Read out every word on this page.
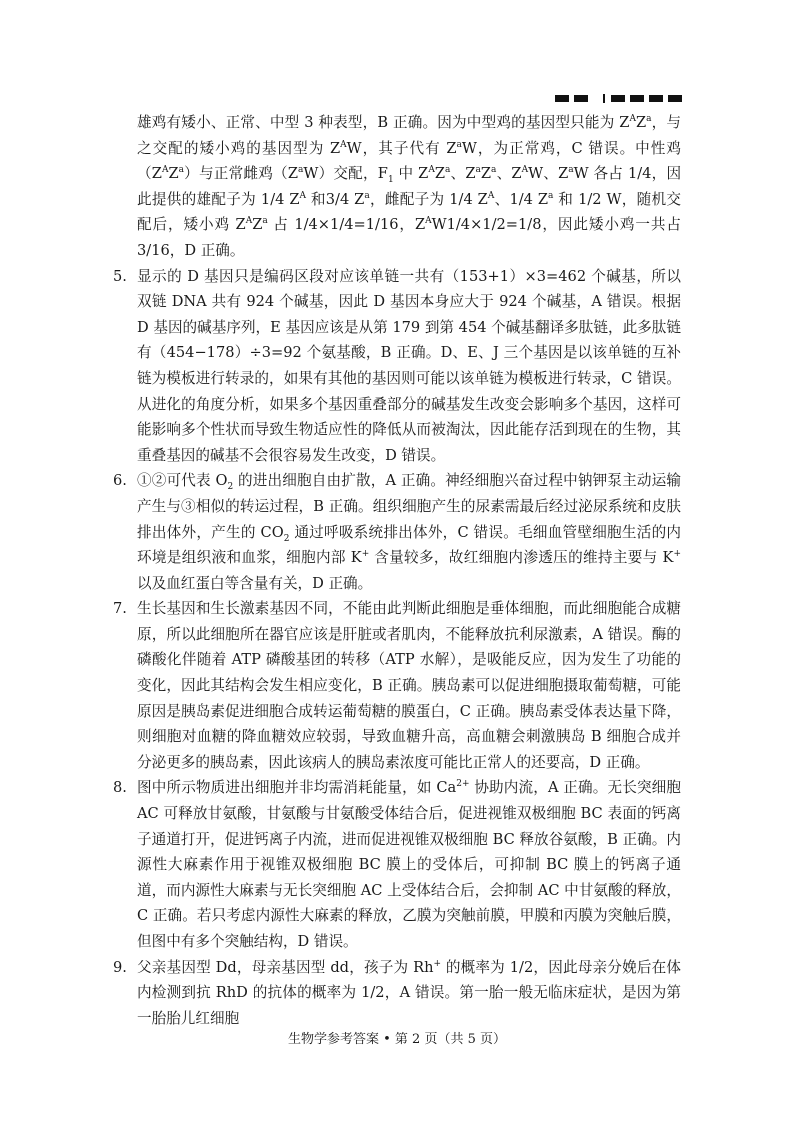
雄鸡有矮小、正常、中型 3 种表型，B 正确。因为中型鸡的基因型只能为 $Z^AZ^a$，与之交配的矮小鸡的基因型为 $Z^AW$，其子代有 $Z^aW$，为正常鸡，C 错误。中性鸡$(Z^AZ^a)$与正常雌鸡$(Z^aW)$交配，$F_1$ 中 $Z^AZ^a$、$Z^aZ^a$、$Z^AW$、$Z^aW$ 各占 1/4，因此提供的雄配子为 1/4 $Z^A$ 和3/4 $Z^a$，雌配子为 1/4 $Z^A$、1/4 $Z^a$ 和 1/2 W，随机交配后，矮小鸡 $Z^AZ^a$ 占 1/4×1/4=1/16，$Z^AW1/4\times 1/2=1/8$，因此矮小鸡一共占 3/16，D 正确。

5. 显示的 D 基因只是编码区段对应该单链一共有（153+1）×3=462 个碱基，所以双链 DNA 共有 924 个碱基，因此 D 基因本身应大于 924 个碱基，A 错误。根据 D 基因的碱基序列，E 基因应该是从第 179 到第 454 个碱基翻译多肽链，此多肽链有（454−178）÷3=92 个氨基酸，B 正确。D、E、J 三个基因是以该单链的互补链为模板进行转录的，如果有其他的基因则可能以该单链为模板进行转录，C 错误。从进化的角度分析，如果多个基因重叠部分的碱基发生改变会影响多个基因，这样可能影响多个性状而导致生物适应性的降低从而被淘汰，因此能存活到现在的生物，其重叠基因的碱基不会很容易发生改变，D 错误。

6. ①②可代表 $O_2$ 的进出细胞自由扩散，A 正确。神经细胞兴奋过程中钠钾泵主动运输产生与③相似的转运过程，B 正确。组织细胞产生的尿素需最后经过泌尿系统和皮肤排出体外，产生的 $CO_2$ 通过呼吸系统排出体外，C 错误。毛细血管壁细胞生活的内环境是组织液和血浆，细胞内部 K+ 含量较多，故红细胞内渗透压的维持主要与 K+ 以及血红蛋白等含量有关，D 正确。

7. 生长基因和生长激素基因不同，不能由此判断此细胞是垂体细胞，而此细胞能合成糖原，所以此细胞所在器官应该是肝脏或者肌肉，不能释放抗利尿激素，A 错误。酶的磷酸化伴随着 ATP 磷酸基团的转移（ATP 水解），是吸能反应，因为发生了功能的变化，因此其结构会发生相应变化，B 正确。胰岛素可以促进细胞摄取葡萄糖，可能原因是胰岛素促进细胞合成转运葡萄糖的膜蛋白，C 正确。胰岛素受体表达量下降，则细胞对血糖的降血糖效应较弱，导致血糖升高，高血糖会刺激胰岛 B 细胞合成并分泌更多的胰岛素，因此该病人的胰岛素浓度可能比正常人的还要高，D 正确。

8. 图中所示物质进出细胞并非均需消耗能量，如 $Ca^{2+}$ 协助内流，A 正确。无长突细胞 AC 可释放甘氨酸，甘氨酸与甘氨酸受体结合后，促进视锥双极细胞 BC 表面的钙离子通道打开，促进钙离子内流，进而促进视锥双极细胞 BC 释放谷氨酸，B 正确。内源性大麻素作用于视锥双极细胞 BC 膜上的受体后，可抑制 BC 膜上的钙离子通道，而内源性大麻素与无长突细胞 AC 上受体结合后，会抑制 AC 中甘氨酸的释放，C 正确。若只考虑内源性大麻素的释放，乙膜为突触前膜，甲膜和丙膜为突触后膜，但图中有多个突触结构，D 错误。

9. 父亲基因型 Dd，母亲基因型 dd，孩子为 Rh+ 的概率为 1/2，因此母亲分娩后在体内检测到抗 RhD 的抗体的概率为 1/2，A 错误。第一胎一般无临床症状，是因为第一胎胎儿红细胞

生物学参考答案 • 第 2 页（共 5 页）
